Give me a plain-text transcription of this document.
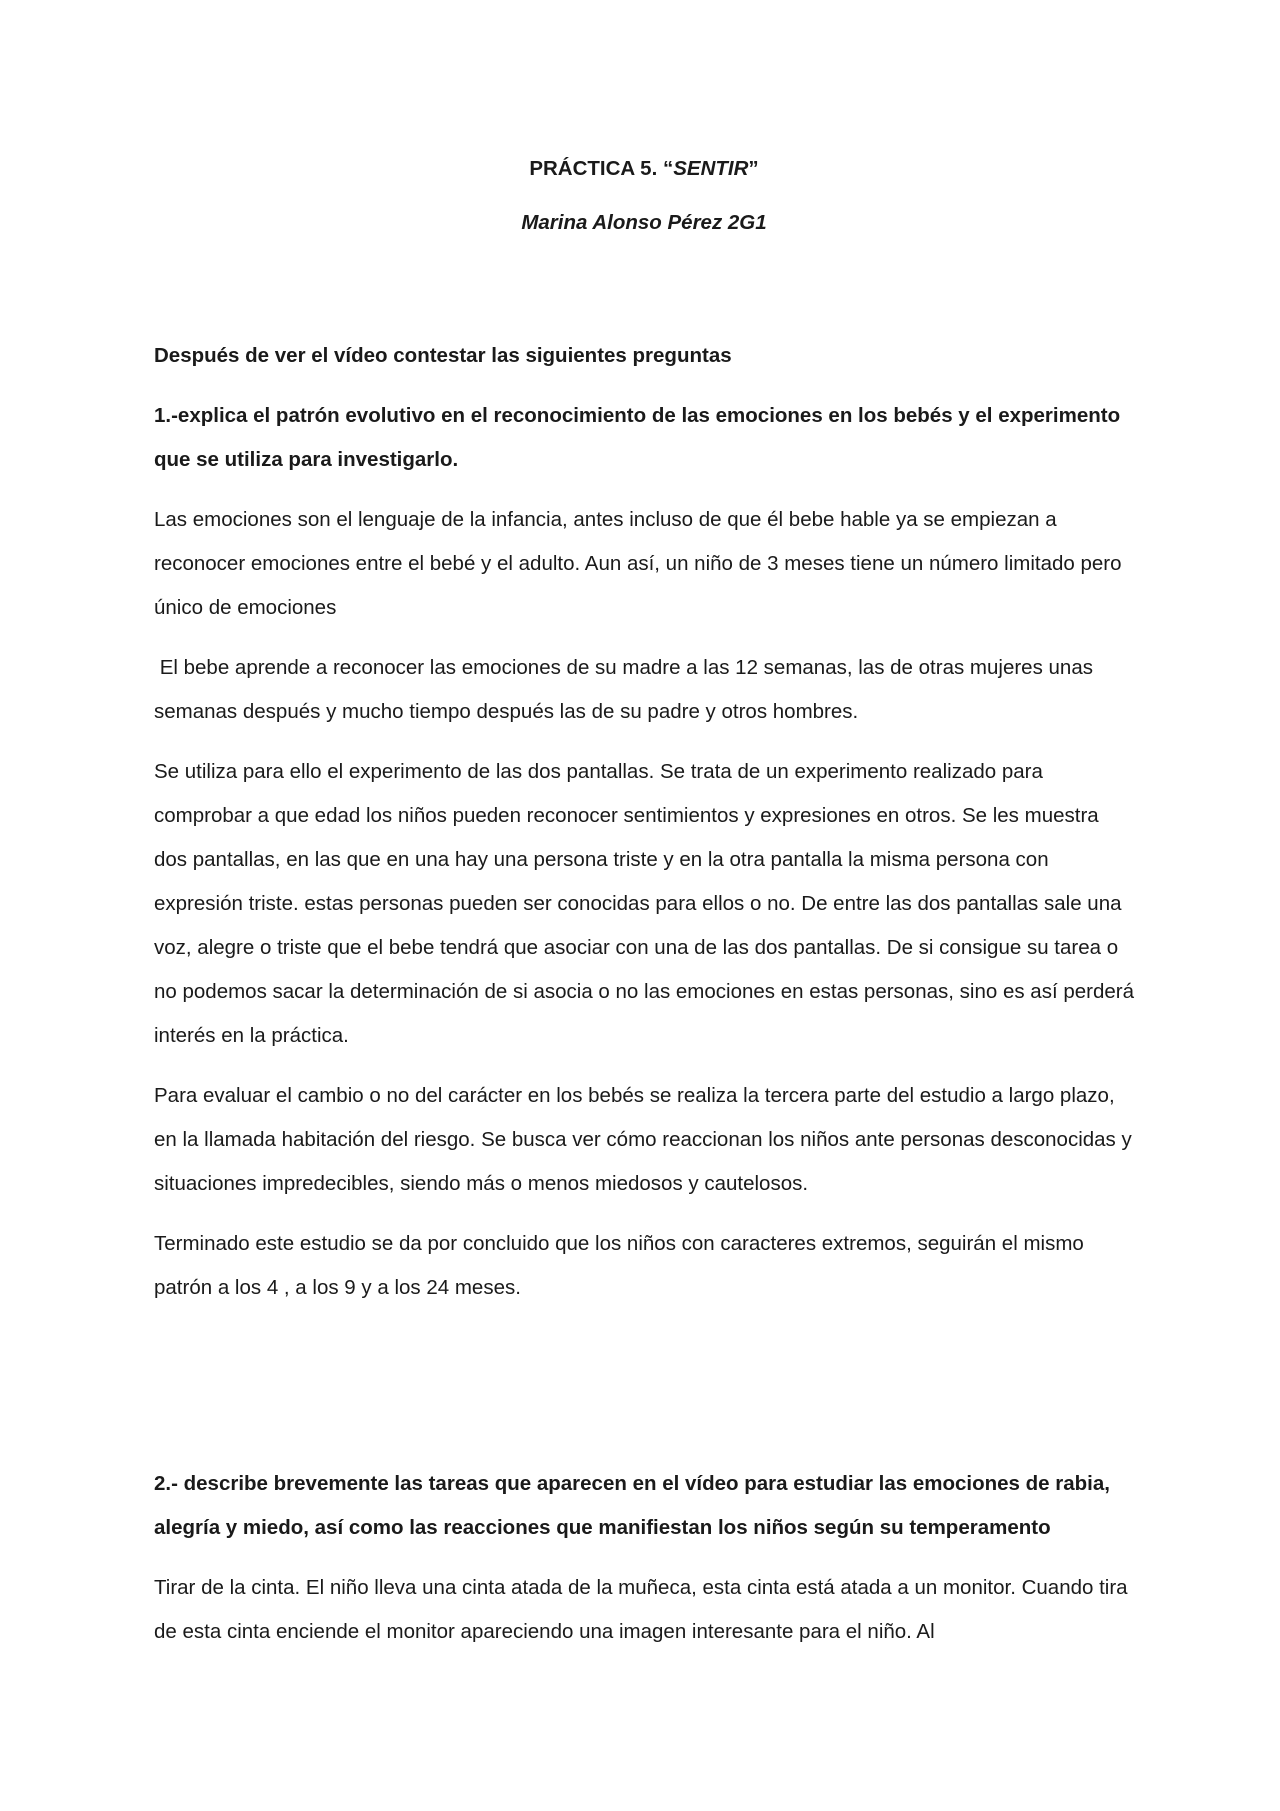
PRÁCTICA 5. “SENTIR”
Marina Alonso Pérez 2G1
Después de ver el vídeo contestar las siguientes preguntas
1.-explica el patrón evolutivo en el reconocimiento de las emociones en los bebés y el experimento que se utiliza para investigarlo.
Las emociones son el lenguaje de la infancia, antes incluso de que él bebe hable ya se empiezan a reconocer emociones entre el bebé y el adulto. Aun así, un niño de 3 meses tiene un número limitado pero único de emociones
El bebe aprende a reconocer las emociones de su madre a las 12 semanas, las de otras mujeres unas semanas después y mucho tiempo después las de su padre y otros hombres.
Se utiliza para ello el experimento de las dos pantallas. Se trata de un experimento realizado para comprobar a que edad los niños pueden reconocer sentimientos y expresiones en otros. Se les muestra dos pantallas, en las que en una hay una persona triste y en la otra pantalla la misma persona con expresión triste. estas personas pueden ser conocidas para ellos o no. De entre las dos pantallas sale una voz, alegre o triste que el bebe tendrá que asociar con una de las dos pantallas. De si consigue su tarea o no podemos sacar la determinación de si asocia o no las emociones en estas personas, sino es así perderá interés en la práctica.
Para evaluar el cambio o no del carácter en los bebés se realiza la tercera parte del estudio a largo plazo, en la llamada habitación del riesgo. Se busca ver cómo reaccionan los niños ante personas desconocidas y situaciones impredecibles, siendo más o menos miedosos y cautelosos.
Terminado este estudio se da por concluido que los niños con caracteres extremos, seguirán el mismo patrón a los 4 , a los 9 y a los 24 meses.
2.- describe brevemente las tareas que aparecen en el vídeo para estudiar las emociones de rabia, alegría y miedo, así como las reacciones que manifiestan los niños según su temperamento
Tirar de la cinta. El niño lleva una cinta atada de la muñeca, esta cinta está atada a un monitor. Cuando tira de esta cinta enciende el monitor apareciendo una imagen interesante para el niño. Al
